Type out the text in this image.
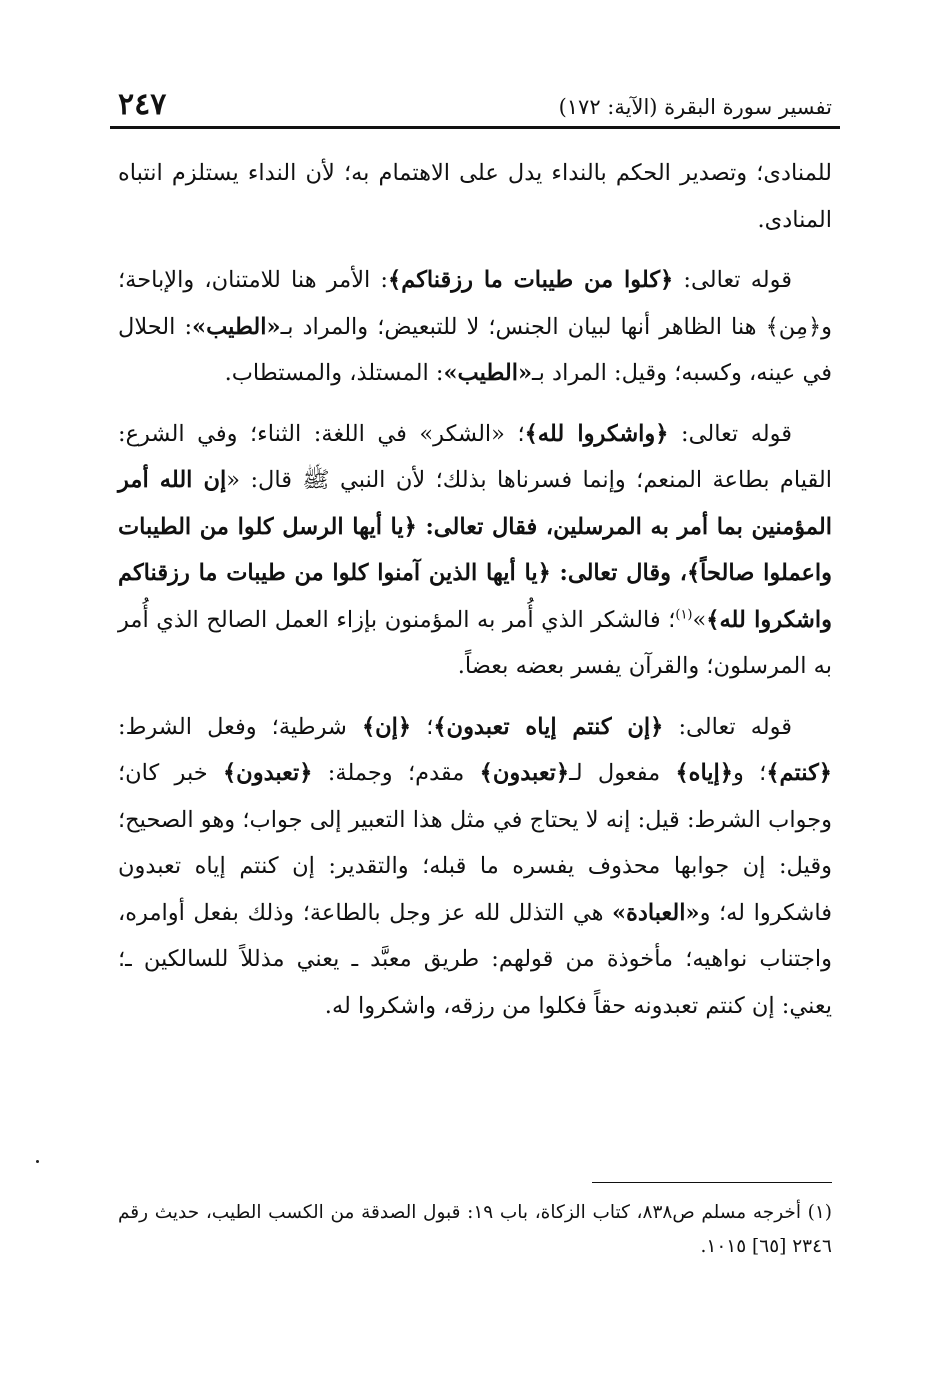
تفسير سورة البقرة (الآية: ١٧٢)
٢٤٧

للمنادى؛ وتصدير الحكم بالنداء يدل على الاهتمام به؛ لأن النداء يستلزم انتباه المنادى.

قوله تعالى: ﴿كلوا من طيبات ما رزقناكم﴾: الأمر هنا للامتنان، والإباحة؛ و﴿مِن﴾ هنا الظاهر أنها لبيان الجنس؛ لا للتبعيض؛ والمراد بـ«الطيب»: الحلال في عينه، وكسبه؛ وقيل: المراد بـ«الطيب»: المستلذ، والمستطاب.

قوله تعالى: ﴿واشكروا لله﴾؛ «الشكر» في اللغة: الثناء؛ وفي الشرع: القيام بطاعة المنعم؛ وإنما فسرناها بذلك؛ لأن النبي ﷺ قال: «إن الله أمر المؤمنين بما أمر به المرسلين، فقال تعالى: ﴿يا أيها الرسل كلوا من الطيبات واعملوا صالحاً﴾، وقال تعالى: ﴿يا أيها الذين آمنوا كلوا من طيبات ما رزقناكم واشكروا لله﴾»$^{(١)}$؛ فالشكر الذي أُمر به المؤمنون بإزاء العمل الصالح الذي أُمر به المرسلون؛ والقرآن يفسر بعضه بعضاً.

قوله تعالى: ﴿إن كنتم إياه تعبدون﴾؛ ﴿إن﴾ شرطية؛ وفعل الشرط: ﴿كنتم﴾؛ و﴿إياه﴾ مفعول لـ﴿تعبدون﴾ مقدم؛ وجملة: ﴿تعبدون﴾ خبر كان؛ وجواب الشرط: قيل: إنه لا يحتاج في مثل هذا التعبير إلى جواب؛ وهو الصحيح؛ وقيل: إن جوابها محذوف يفسره ما قبله؛ والتقدير: إن كنتم إياه تعبدون فاشكروا له؛ و«العبادة» هي التذلل لله عز وجل بالطاعة؛ وذلك بفعل أوامره، واجتناب نواهيه؛ مأخوذة من قولهم: طريق معبَّد ـ يعني مذللاً للسالكين ـ؛ يعني: إن كنتم تعبدونه حقاً فكلوا من رزقه، واشكروا له.

(١) أخرجه مسلم ص٨٣٨، كتاب الزكاة، باب ١٩: قبول الصدقة من الكسب الطيب، حديث رقم ٢٣٤٦ [٦٥] ١٠١٥.
